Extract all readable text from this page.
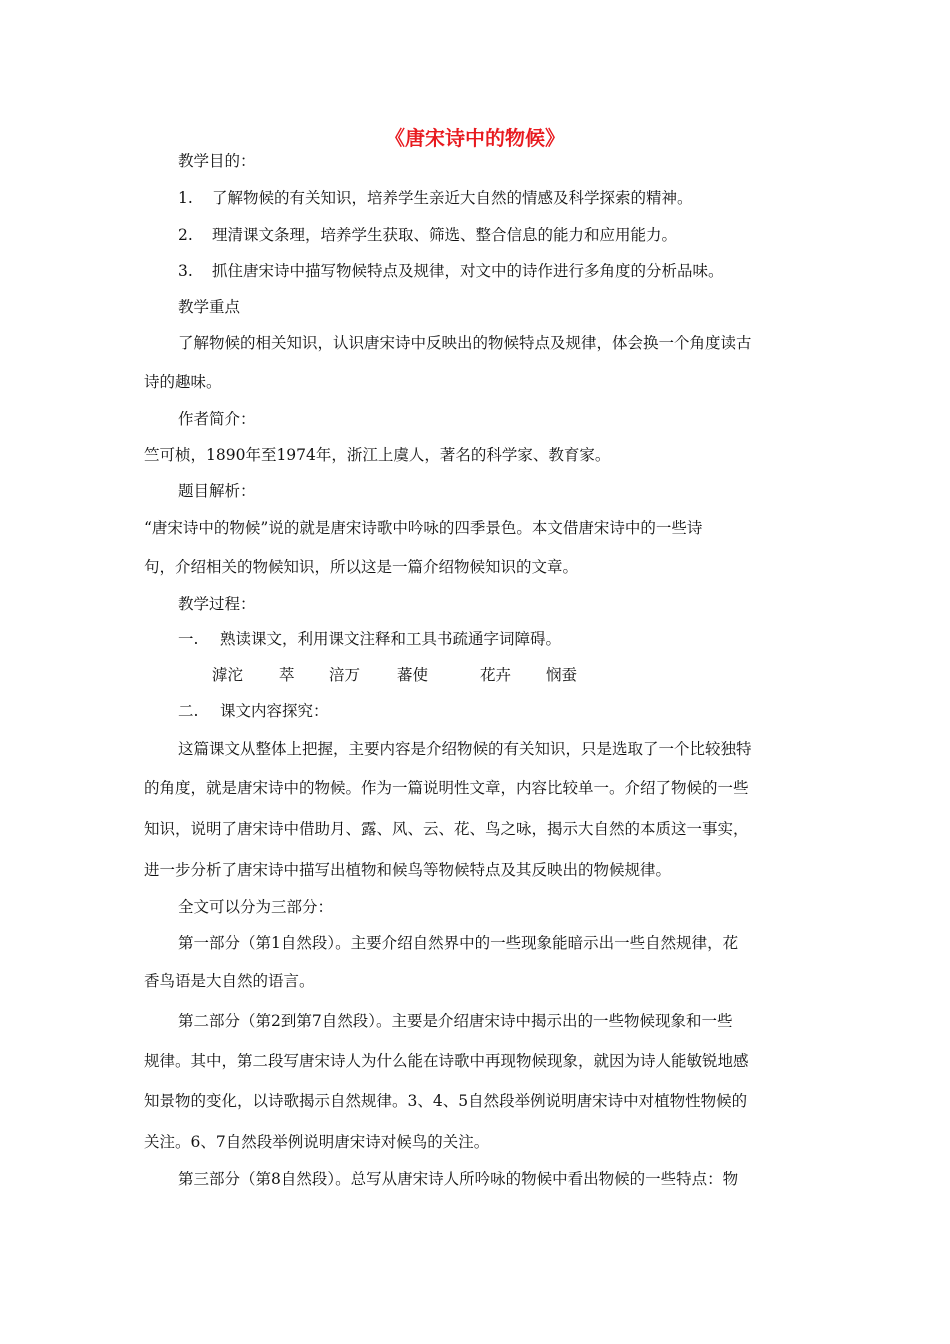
《唐宋诗中的物候》
教学目的：
1. 了解物候的有关知识，培养学生亲近大自然的情感及科学探索的精神。
2. 理清课文条理，培养学生获取、筛选、整合信息的能力和应用能力。
3. 抓住唐宋诗中描写物候特点及规律，对文中的诗作进行多角度的分析品味。
教学重点
了解物候的相关知识，认识唐宋诗中反映出的物候特点及规律，体会换一个角度读古
诗的趣味。
作者简介：
竺可桢，1890年至1974年，浙江上虞人，著名的科学家、教育家。
题目解析：
“唐宋诗中的物候”说的就是唐宋诗歌中吟咏的四季景色。本文借唐宋诗中的一些诗
句，介绍相关的物候知识，所以这是一篇介绍物候知识的文章。
教学过程：
一. 熟读课文，利用课文注释和工具书疏通字词障碍。
滹沱 萃 涪万 蕃使	花卉 悯蚕
二. 课文内容探究：
这篇课文从整体上把握，主要内容是介绍物候的有关知识，只是选取了一个比较独特
的角度，就是唐宋诗中的物候。作为一篇说明性文章，内容比较单一。介绍了物候的一些
知识，说明了唐宋诗中借助月、露、风、云、花、鸟之咏，揭示大自然的本质这一事实，
进一步分析了唐宋诗中描写出植物和候鸟等物候特点及其反映出的物候规律。
全文可以分为三部分：
第一部分（第1自然段）。主要介绍自然界中的一些现象能暗示出一些自然规律，花
香鸟语是大自然的语言。
第二部分（第2到第7自然段）。主要是介绍唐宋诗中揭示出的一些物候现象和一些
规律。其中，第二段写唐宋诗人为什么能在诗歌中再现物候现象，就因为诗人能敏锐地感
知景物的变化，以诗歌揭示自然规律。3、4、5自然段举例说明唐宋诗中对植物性物候的
关注。6、7自然段举例说明唐宋诗对候鸟的关注。
第三部分（第8自然段）。总写从唐宋诗人所吟咏的物候中看出物候的一些特点：物
